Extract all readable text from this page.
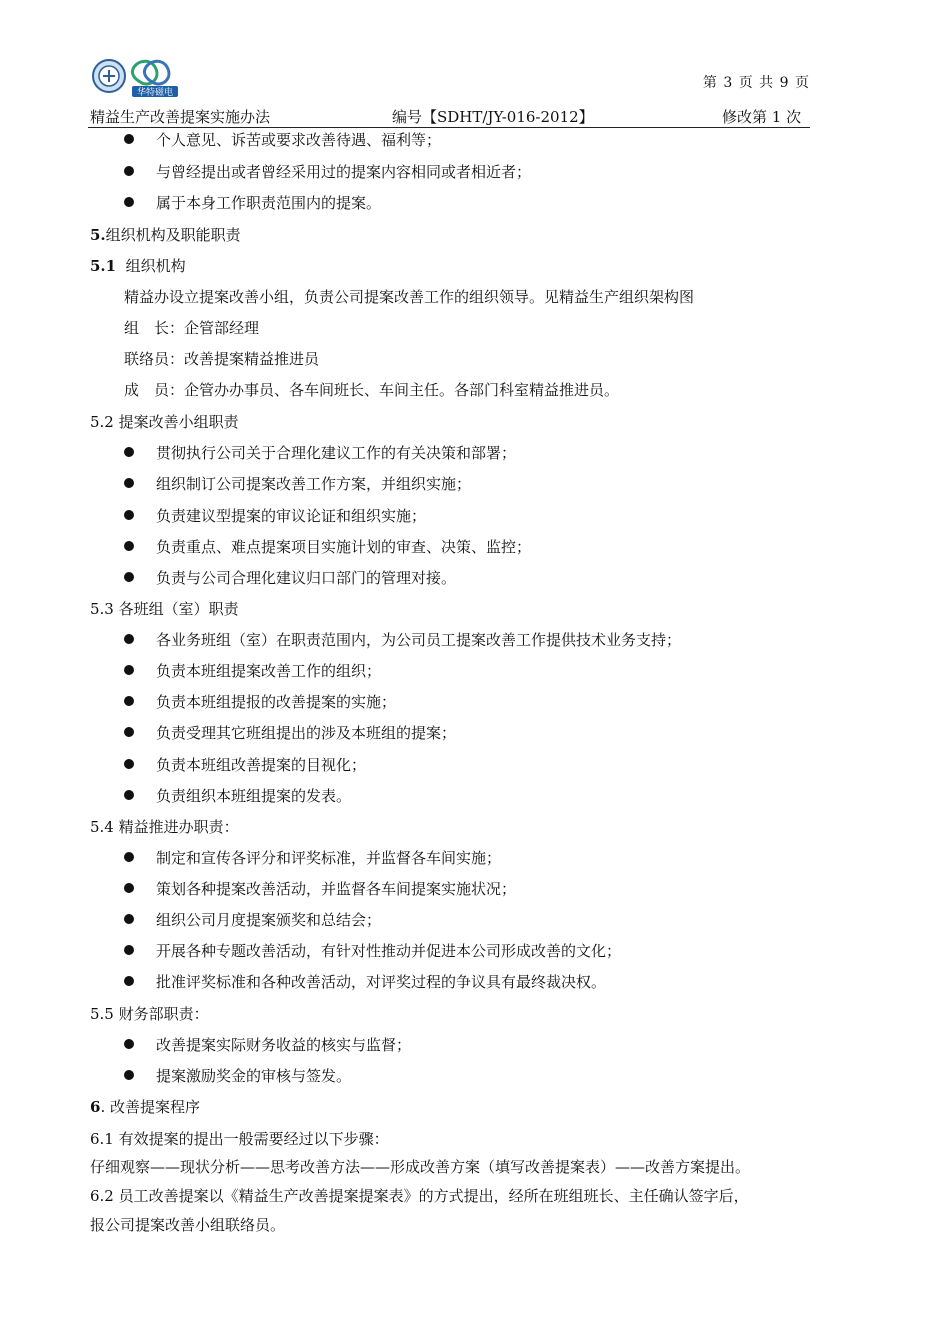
华特磁电
第 3 页 共 9 页
精益生产改善提案实施办法	编号【SDHT/JY-016-2012】	修改第 1 次
个人意见、诉苦或要求改善待遇、福利等；
与曾经提出或者曾经采用过的提案内容相同或者相近者；
属于本身工作职责范围内的提案。
5.组织机构及职能职责
5.1 组织机构
精益办设立提案改善小组，负责公司提案改善工作的组织领导。见精益生产组织架构图
组　长：企管部经理
联络员：改善提案精益推进员
成　员：企管办办事员、各车间班长、车间主任。各部门科室精益推进员。
5.2 提案改善小组职责
贯彻执行公司关于合理化建议工作的有关决策和部署；
组织制订公司提案改善工作方案，并组织实施；
负责建议型提案的审议论证和组织实施；
负责重点、难点提案项目实施计划的审查、决策、监控；
负责与公司合理化建议归口部门的管理对接。
5.3 各班组（室）职责
各业务班组（室）在职责范围内，为公司员工提案改善工作提供技术业务支持；
负责本班组提案改善工作的组织；
负责本班组提报的改善提案的实施；
负责受理其它班组提出的涉及本班组的提案；
负责本班组改善提案的目视化；
负责组织本班组提案的发表。
5.4 精益推进办职责：
制定和宣传各评分和评奖标准，并监督各车间实施；
策划各种提案改善活动，并监督各车间提案实施状况；
组织公司月度提案颁奖和总结会；
开展各种专题改善活动，有针对性推动并促进本公司形成改善的文化；
批准评奖标准和各种改善活动，对评奖过程的争议具有最终裁决权。
5.5 财务部职责：
改善提案实际财务收益的核实与监督；
提案激励奖金的审核与签发。
6. 改善提案程序
6.1 有效提案的提出一般需要经过以下步骤：
仔细观察——现状分析——思考改善方法——形成改善方案（填写改善提案表）——改善方案提出。
6.2 员工改善提案以《精益生产改善提案提案表》的方式提出，经所在班组班长、主任确认签字后，
报公司提案改善小组联络员。
